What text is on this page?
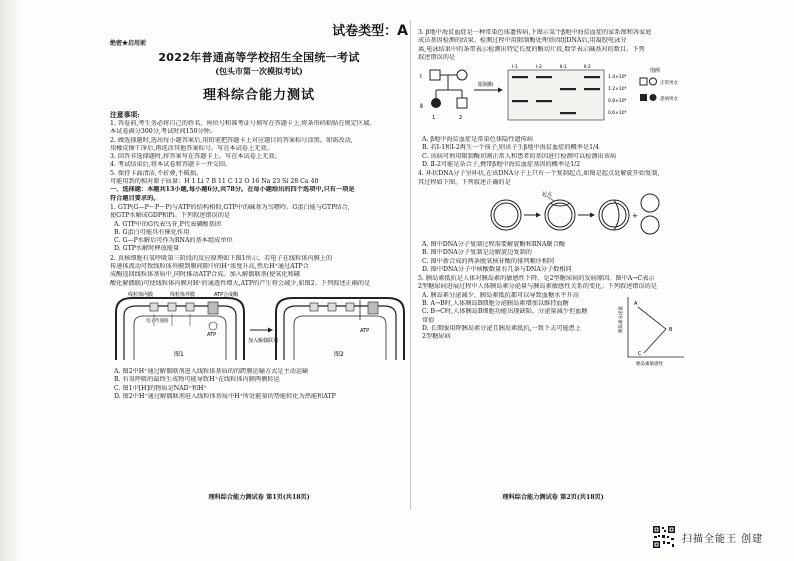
试卷类型：A
绝密★启用前
2022年普通高等学校招生全国统一考试
(包头市第一次模拟考试)
理科综合能力测试
注意事项:
1. 答卷前,考生务必将自己的姓名、座位号和准考证号填写在答题卡上,将条形码粘贴在规定区域。
本试卷满分300分,考试时间150分钟。
2. 做选择题时,选出每小题答案后,用铅笔把答题卡上对应题目的答案标号涂黑。如需改动,
用橡皮擦干净后,再选涂其他答案标号。写在本试卷上无效。
3. 回答非选择题时,将答案写在答题卡上。写在本试卷上无效。
4. 考试结束后,将本试卷和答题卡一并交回。
5. 保持卡面清洁,不折叠,不破损。
可能用到的相对原子质量：H 1 Li 7 B 11 C 12 O 16 Na 23 Si 28 Ca 40
一、选择题：本题共13小题,每小题6分,共78分。在每小题给出的四个选项中,只有一项是
符合题目要求的。
1. GTP(G—P～P～P)与ATP的结构相似,GTP中的碱基为鸟嘌呤。G蛋白能与GTP结合,
使GTP水解成GDP和Pi。下列叙述错误的是
A. GTP中的G代表鸟苷,P代表磷酸基团
B. G蛋白可能具有催化作用
C. G—P水解后可作为RNA的基本组成单位
D. GTP水解时释放能量
2. 真核细胞有氧呼吸第三阶段的反应原理如下图1所示。若电子在线粒体内膜上的
传递体流动可致线粒体外膜到膜间隙中的H⁺浓度升高,然后H⁺通过ATP合
成酶返回线粒体基质中,同时推动ATP合成。加入解偶联剂(使氧化和磷
酸化解偶联)可使线粒体内膜对H⁺的通透性增大,ATP的产生将会减少,如图2。下列叙述正确的是
线粒体内膜	线粒体外膜	ATP合成酶
电子传递链
ATP
图1
加入解偶联剂
ATP
图2
A. 图2中H⁺通过解偶联剂进入线粒体基质的的跨膜运输方式是主动运输
B. 有氧呼吸的最终生成物可能导致H⁺在线粒体内膜两侧转运
C. 图1中[H]的物质是NAD⁺和H⁺
D. 图2中H⁺通过解偶联剂进入线粒体基质中H⁺所处能量的势能转化为热能和ATP
理科综合能力测试卷 第1页(共18页)
3. β地中海贫血症是一种常染色体遗传病,下图示某个β地中海贫血症的家系图和各家庭
成员基因检测的结果。检测过程中用限制酶处理基因组DNA后,用凝胶电泳分
离,电泳结果中的条带表示检测出特定长度的酶切片段,数字表示碱基对的数目。下列
叙述错误的是
Ⅰ
Ⅱ
1	2
限制酶
Ⅰ-1	Ⅰ-2	Ⅱ-1	Ⅱ-2
1.4×10⁴
1.2×10⁴
0.8×10⁴
0.6×10⁴
图例
正常男女
患病男女
A. β地中海贫血症是常染色体隐性遗传病
B. 若Ⅰ-1和Ⅰ-2再生一个孩子,则该子生β地中海贫血症的概率是1/4
C. 该病可利用限制酶切割正常人和患者的基因进行检测可以检测出该病
D. Ⅱ-2可能是杂合子,携带β地中海贫血症基因的概率是1/2
4. 环状DNA分子呈环状,在该DNA分子上只有一个复制起点,如图是起点处解旋开始复制,
其过程如下图。下列叙述正确的是
起点
+
A. 图中DNA分子复制过程需要解旋酶和RNA聚合酶
B. 图中DNA分子复制是边解旋边复制的
C. 图中新合成的两条脱氧核苷酸的排列顺序相同
D. 图中DNA分子中核酸数量有几条与DNA分子数相同
5. 胰岛素抵抗是人体对胰岛素的敏感性下降。是2型糖尿病的发病原因。图中A→C表示
2型糖尿病进展过程中人体胰岛素分泌量与胰岛素敏感性关系的变化。下列叙述错误的是
A. 胰岛素分泌减少、胰岛素抵抗都可以导致血糖水平升高
B. A→B时,人体胰岛B细胞分泌胰岛素增加以维持血糖
C. B→C时,人体胰岛B细胞功能出现缺陷、分泌量减少但血糖
常值
D. 长期服用降胰岛素分泌且胰岛素抵抗,一致下去可能患上
2型糖尿病
A
B
C
胰岛素分泌量
胰岛素敏感性
理科综合能力测试卷 第2页(共18页)
扫描全能王 创建
